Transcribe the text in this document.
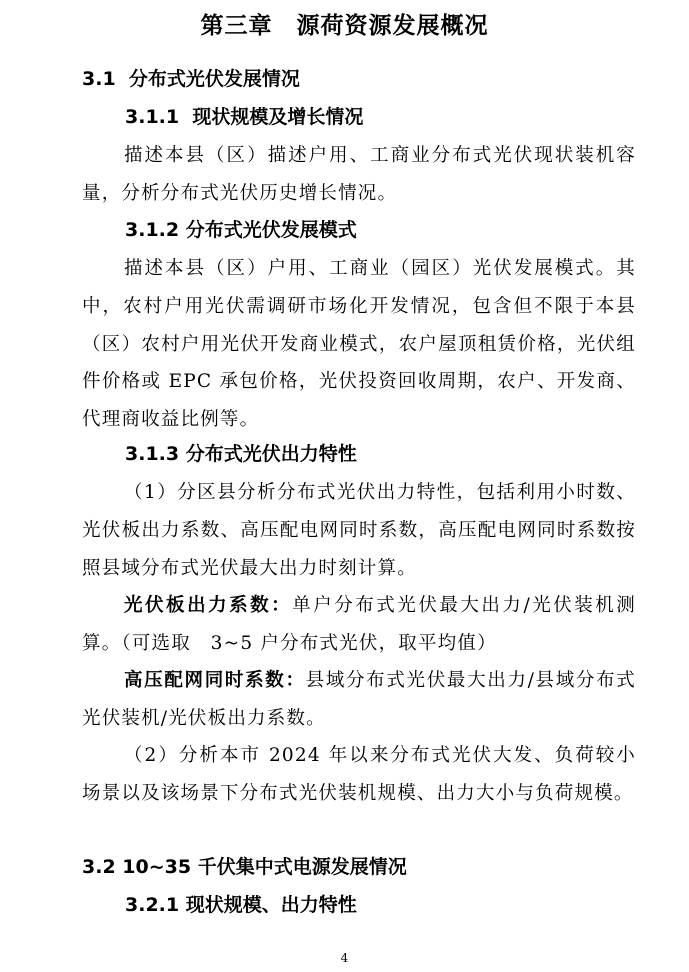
第三章　源荷资源发展概况
3.1  分布式光伏发展情况
3.1.1  现状规模及增长情况

描述本县（区）描述户用、工商业分布式光伏现状装机容量，分析分布式光伏历史增长情况。

3.1.2 分布式光伏发展模式

描述本县（区）户用、工商业（园区）光伏发展模式。其中，农村户用光伏需调研市场化开发情况，包含但不限于本县（区）农村户用光伏开发商业模式，农户屋顶租赁价格，光伏组件价格或 EPC 承包价格，光伏投资回收周期，农户、开发商、代理商收益比例等。

3.1.3 分布式光伏出力特性

（1）分区县分析分布式光伏出力特性，包括利用小时数、光伏板出力系数、高压配电网同时系数，高压配电网同时系数按照县域分布式光伏最大出力时刻计算。

光伏板出力系数：单户分布式光伏最大出力/光伏装机测算。（可选取　3~5 户分布式光伏，取平均值）

高压配网同时系数：县域分布式光伏最大出力/县域分布式光伏装机/光伏板出力系数。

（2）分析本市 2024 年以来分布式光伏大发、负荷较小场景以及该场景下分布式光伏装机规模、出力大小与负荷规模。

3.2 10~35 千伏集中式电源发展情况
3.2.1 现状规模、出力特性
4
